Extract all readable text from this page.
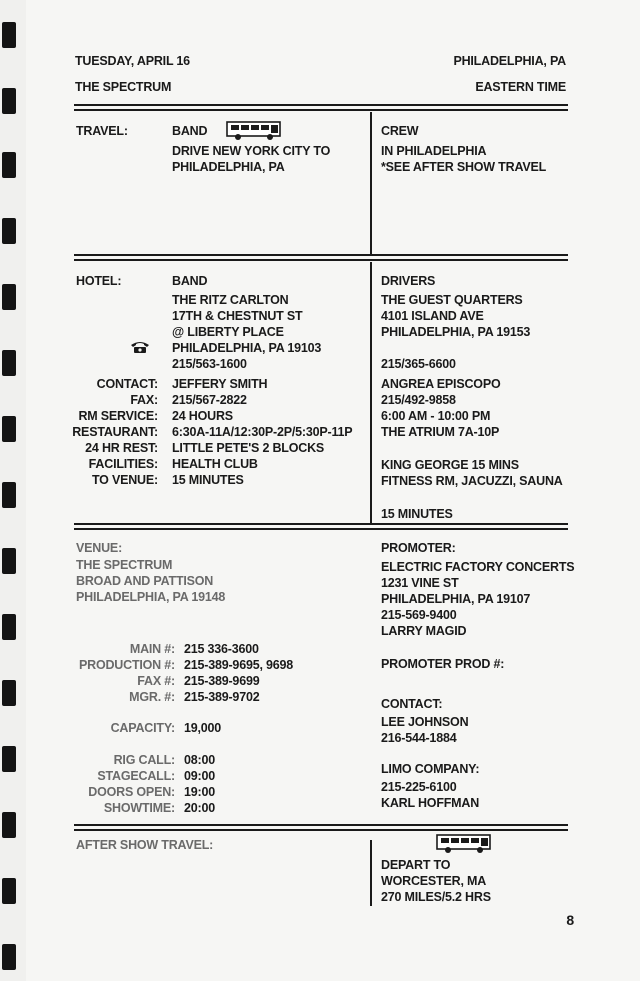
TUESDAY, APRIL 16
THE SPECTRUM
PHILADELPHIA, PA
EASTERN TIME
TRAVEL:	BAND
DRIVE NEW YORK CITY TO
PHILADELPHIA, PA
CREW
IN PHILADELPHIA
*SEE AFTER SHOW TRAVEL
HOTEL:	BAND
THE RITZ CARLTON
17TH & CHESTNUT ST
@ LIBERTY PLACE
PHILADELPHIA, PA 19103
215/563-1600
CONTACT: JEFFERY SMITH
FAX: 215/567-2822
RM SERVICE: 24 HOURS
RESTAURANT: 6:30A-11A/12:30P-2P/5:30P-11P
24 HR REST: LITTLE PETE'S 2 BLOCKS
FACILITIES: HEALTH CLUB
TO VENUE: 15 MINUTES
DRIVERS
THE GUEST QUARTERS
4101 ISLAND AVE
PHILADELPHIA, PA 19153
215/365-6600
ANGREA EPISCOPO
215/492-9858
6:00 AM - 10:00 PM
THE ATRIUM 7A-10P
KING GEORGE 15 MINS
FITNESS RM, JACUZZI, SAUNA
15 MINUTES
VENUE:
THE SPECTRUM
BROAD AND PATTISON
PHILADELPHIA, PA 19148
MAIN #: 215 336-3600
PRODUCTION #: 215-389-9695, 9698
FAX #: 215-389-9699
MGR. #: 215-389-9702
CAPACITY: 19,000
RIG CALL: 08:00
STAGECALL: 09:00
DOORS OPEN: 19:00
SHOWTIME: 20:00
PROMOTER:
ELECTRIC FACTORY CONCERTS
1231 VINE ST
PHILADELPHIA, PA 19107
215-569-9400
LARRY MAGID
PROMOTER PROD #:
CONTACT:
LEE JOHNSON
216-544-1884
LIMO COMPANY:
215-225-6100
KARL HOFFMAN
AFTER SHOW TRAVEL:
DEPART TO
WORCESTER, MA
270 MILES/5.2 HRS
8
